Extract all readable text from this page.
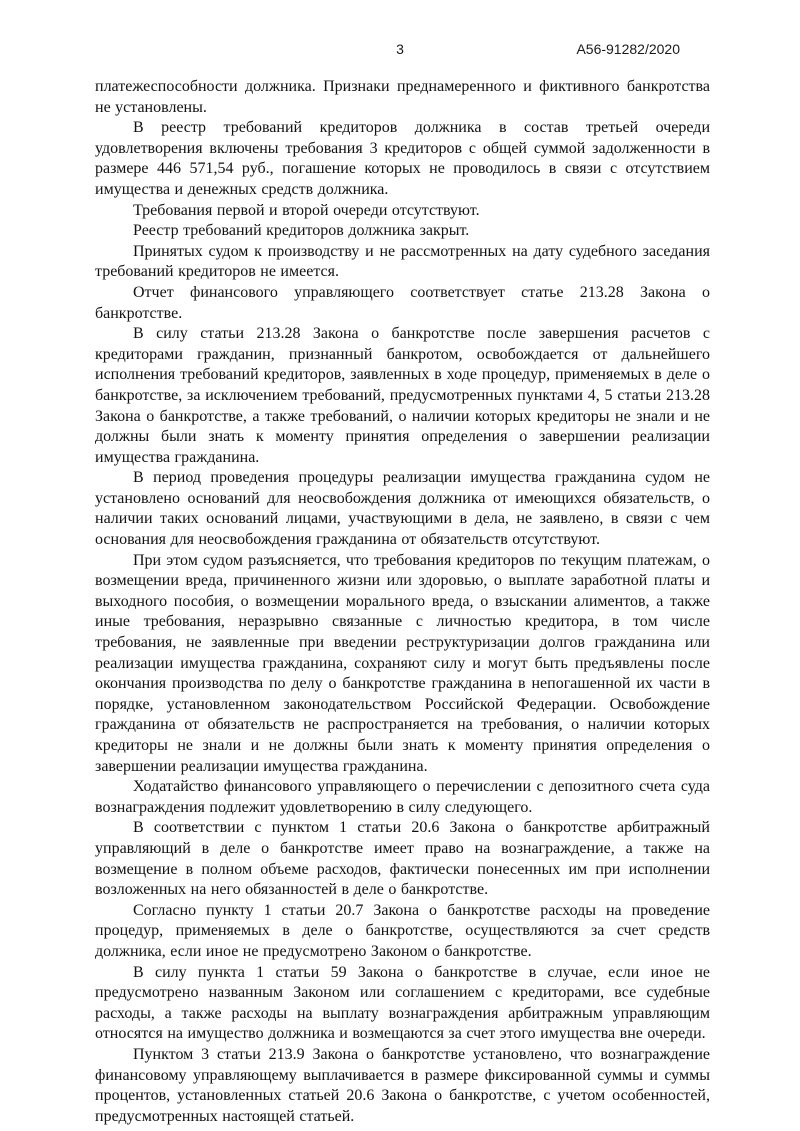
3	А56-91282/2020

платежеспособности должника. Признаки преднамеренного и фиктивного банкротства не установлены.

В реестр требований кредиторов должника в состав третьей очереди удовлетворения включены требования 3 кредиторов с общей суммой задолженности в размере 446 571,54 руб., погашение которых не проводилось в связи с отсутствием имущества и денежных средств должника.

Требования первой и второй очереди отсутствуют.

Реестр требований кредиторов должника закрыт.

Принятых судом к производству и не рассмотренных на дату судебного заседания требований кредиторов не имеется.

Отчет финансового управляющего соответствует статье 213.28 Закона о банкротстве.

В силу статьи 213.28 Закона о банкротстве после завершения расчетов с кредиторами гражданин, признанный банкротом, освобождается от дальнейшего исполнения требований кредиторов, заявленных в ходе процедур, применяемых в деле о банкротстве, за исключением требований, предусмотренных пунктами 4, 5 статьи 213.28 Закона о банкротстве, а также требований, о наличии которых кредиторы не знали и не должны были знать к моменту принятия определения о завершении реализации имущества гражданина.

В период проведения процедуры реализации имущества гражданина судом не установлено оснований для неосвобождения должника от имеющихся обязательств, о наличии таких оснований лицами, участвующими в дела, не заявлено, в связи с чем основания для неосвобождения гражданина от обязательств отсутствуют.

При этом судом разъясняется, что требования кредиторов по текущим платежам, о возмещении вреда, причиненного жизни или здоровью, о выплате заработной платы и выходного пособия, о возмещении морального вреда, о взыскании алиментов, а также иные требования, неразрывно связанные с личностью кредитора, в том числе требования, не заявленные при введении реструктуризации долгов гражданина или реализации имущества гражданина, сохраняют силу и могут быть предъявлены после окончания производства по делу о банкротстве гражданина в непогашенной их части в порядке, установленном законодательством Российской Федерации. Освобождение гражданина от обязательств не распространяется на требования, о наличии которых кредиторы не знали и не должны были знать к моменту принятия определения о завершении реализации имущества гражданина.

Ходатайство финансового управляющего о перечислении с депозитного счета суда вознаграждения подлежит удовлетворению в силу следующего.

В соответствии с пунктом 1 статьи 20.6 Закона о банкротстве арбитражный управляющий в деле о банкротстве имеет право на вознаграждение, а также на возмещение в полном объеме расходов, фактически понесенных им при исполнении возложенных на него обязанностей в деле о банкротстве.

Согласно пункту 1 статьи 20.7 Закона о банкротстве расходы на проведение процедур, применяемых в деле о банкротстве, осуществляются за счет средств должника, если иное не предусмотрено Законом о банкротстве.

В силу пункта 1 статьи 59 Закона о банкротстве в случае, если иное не предусмотрено названным Законом или соглашением с кредиторами, все судебные расходы, а также расходы на выплату вознаграждения арбитражным управляющим относятся на имущество должника и возмещаются за счет этого имущества вне очереди.

Пунктом 3 статьи 213.9 Закона о банкротстве установлено, что вознаграждение финансовому управляющему выплачивается в размере фиксированной суммы и суммы процентов, установленных статьей 20.6 Закона о банкротстве, с учетом особенностей, предусмотренных настоящей статьей.
